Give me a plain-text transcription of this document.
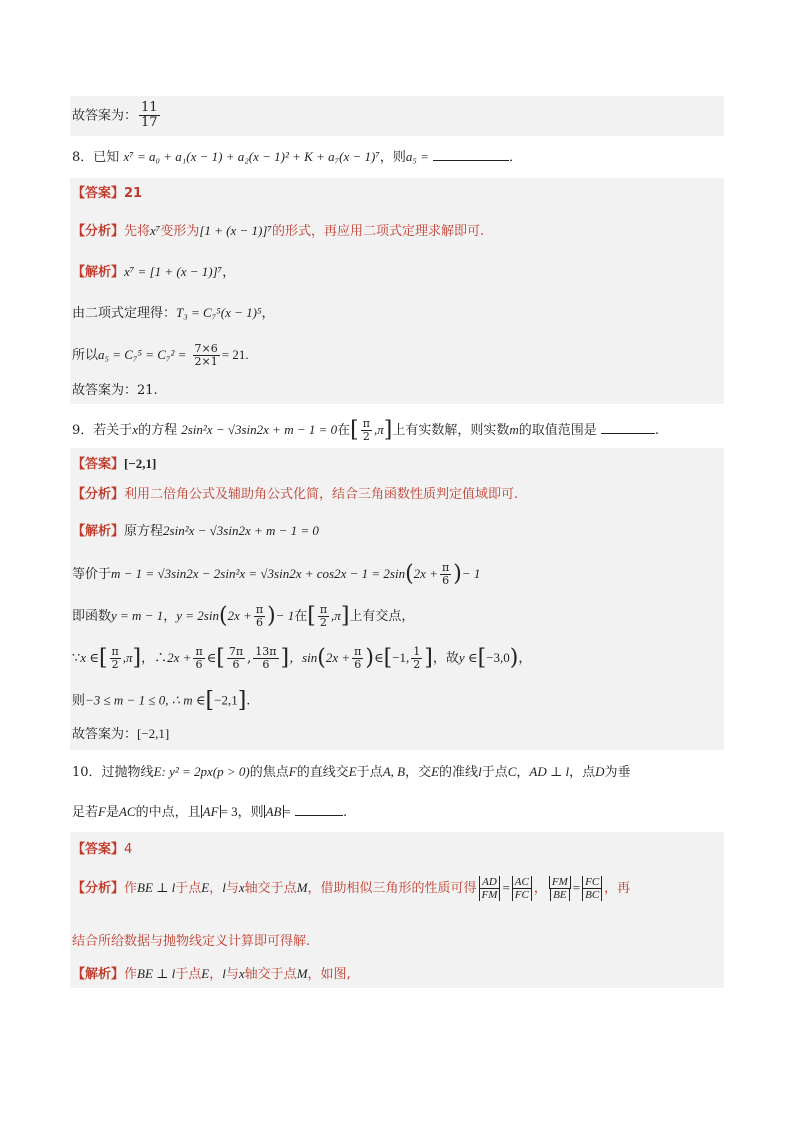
故答案为： $\frac{11}{17}$
8．已知 x⁷ = a₀ + a₁(x − 1) + a₂(x − 1)² + K + a₇(x − 1)⁷，则a₅ =	．
【答案】21
【分析】先将x⁷变形为[1 + (x − 1)]⁷的形式，再应用二项式定理求解即可.
【解析】x⁷ = [1 + (x − 1)]⁷，
由二项式定理得：T₃ = C₇⁵(x − 1)⁵，
所以$a_5 = C_7^5 = C_7^2 = \frac{7\times 6}{2\times 1} = 21$.
故答案为：21.
9．若关于x的方程 2sin²x − √3sin2x + m − 1 = 0在[ $\frac{\pi}{2} ,\pi$]上有实数解，则实数m的取值范围是	.
【答案】[−2,1]
【分析】利用二倍角公式及辅助角公式化简，结合三角函数性质判定值域即可.
【解析】原方程2sin²x − √3sin2x + m − 1 = 0
等价于$m - 1 = √3\sin 2x - 2\sin^2x = √3\sin 2x + \cos 2x - 1 = 2\sin(2x + \frac{\pi}{6}$ )− 1
即函数y = m − 1，$y = 2\sin(2x + \frac{\pi}{6}$ )− 1在[ $\frac{\pi}{2} ,\pi$]上有交点，
∵x ∈[ $\frac{\pi}{2} ,\pi$]，∴2x + $\frac{\pi}{6}$ ∈[ $\frac{7\pi}{6}$ , $\frac{13\pi}{6}$ ]，$\sin(2x + \frac{\pi}{6}$ )∈[−1, $\frac{1}{2}$ ]，故y ∈[−3,0)，
则−3 ≤ m − 1 ≤ 0, ∴ m ∈[−2,1].
故答案为：[−2,1]
10．过抛物线E: y² = 2px(p > 0)的焦点F的直线交E于点A, B，交E的准线l于点C，AD ⊥ l，点D为垂
足若F是AC的中点，且 AF = 3，则 AB =	.
【答案】4
【分析】作BE ⊥ l于点E，l与x轴交于点M，借助相似三角形的性质可得 $\frac{AD}{FM} = \frac{AC}{FC}$ ， $\frac{FM}{BE} = \frac{FC}{BC}$ ，再
结合所给数据与抛物线定义计算即可得解.
【解析】作BE ⊥ l于点E，l与x轴交于点M，如图,
